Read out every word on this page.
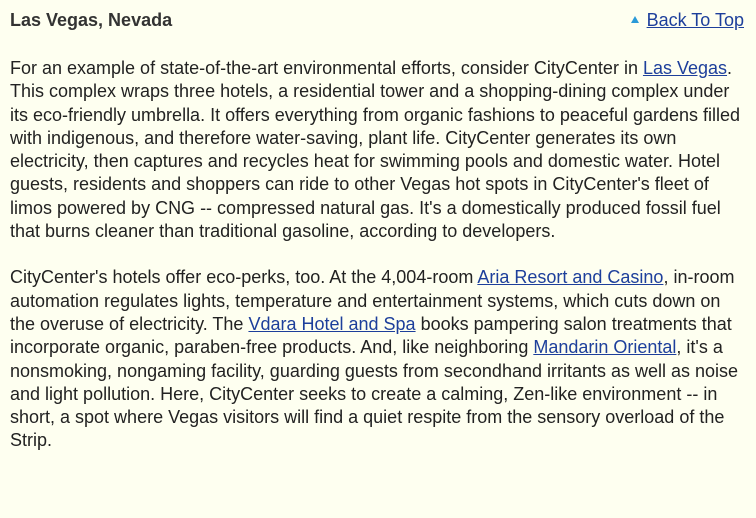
Las Vegas, Nevada	Back To Top

For an example of state-of-the-art environmental efforts, consider CityCenter in Las Vegas. This complex wraps three hotels, a residential tower and a shopping-dining complex under its eco-friendly umbrella. It offers everything from organic fashions to peaceful gardens filled with indigenous, and therefore water-saving, plant life. CityCenter generates its own electricity, then captures and recycles heat for swimming pools and domestic water. Hotel guests, residents and shoppers can ride to other Vegas hot spots in CityCenter's fleet of limos powered by CNG -- compressed natural gas. It's a domestically produced fossil fuel that burns cleaner than traditional gasoline, according to developers.

CityCenter's hotels offer eco-perks, too. At the 4,004-room Aria Resort and Casino, in-room automation regulates lights, temperature and entertainment systems, which cuts down on the overuse of electricity. The Vdara Hotel and Spa books pampering salon treatments that incorporate organic, paraben-free products. And, like neighboring Mandarin Oriental, it's a nonsmoking, nongaming facility, guarding guests from secondhand irritants as well as noise and light pollution. Here, CityCenter seeks to create a calming, Zen-like environment -- in short, a spot where Vegas visitors will find a quiet respite from the sensory overload of the Strip.
